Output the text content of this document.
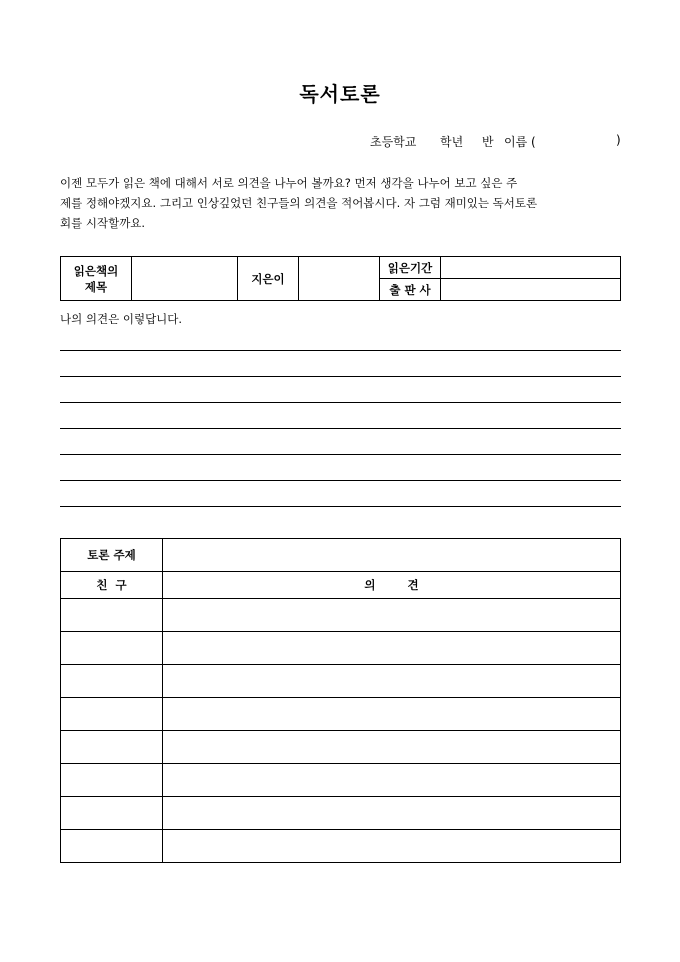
독서토론
초등학교 학년 반 이름 (	)

이젠 모두가 읽은 책에 대해서 서로 의견을 나누어 볼까요? 먼저 생각을 나누어 보고 싶은 주

제를 정해야겠지요. 그리고 인상깊었던 친구들의 의견을 적어봅시다. 자 그럼 재미있는 독서토론

회를 시작할까요.

읽은책의
제목		지은이		읽은기간	
				출 판 사	
나의 의견은 이렇답니다.
토론 주제	
친  구	의        견
